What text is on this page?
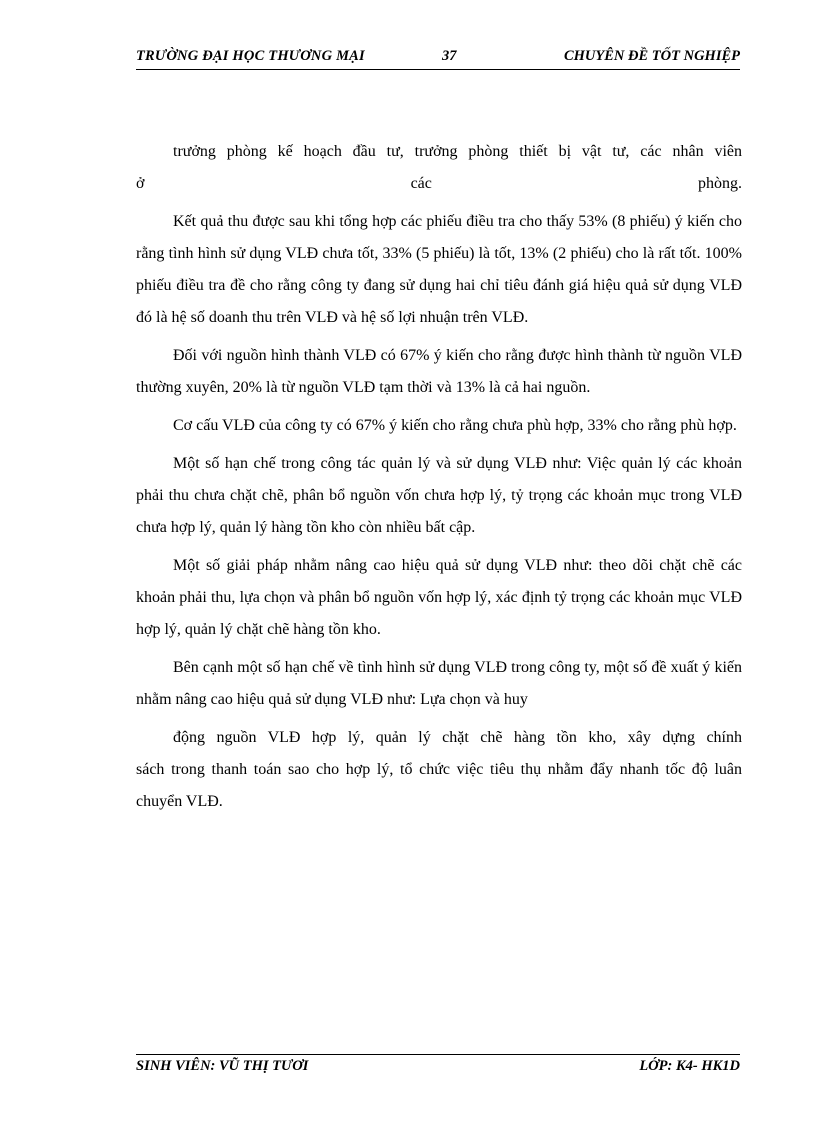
TRƯỜNG ĐẠI HỌC THƯƠNG MẠI	37	CHUYÊN ĐỀ TỐT NGHIỆP

trưởng phòng kế hoạch đầu tư, trưởng phòng thiết bị vật tư, các nhân viên

ở các phòng.

Kết quả thu được sau khi tổng hợp các phiếu điều tra cho thấy 53% (8 phiếu) ý kiến cho rằng tình hình sử dụng VLĐ chưa tốt, 33% (5 phiếu) là tốt, 13% (2 phiếu) cho là rất tốt. 100% phiếu điều tra đề cho rằng công ty đang sử dụng hai chỉ tiêu đánh giá hiệu quả sử dụng VLĐ đó là hệ số doanh thu trên VLĐ và hệ số lợi nhuận trên VLĐ.

Đối với nguồn hình thành VLĐ có 67% ý kiến cho rằng được hình thành từ nguồn VLĐ thường xuyên, 20% là từ nguồn VLĐ tạm thời và 13% là cả hai nguồn.

Cơ cấu VLĐ của công ty có 67% ý kiến cho rằng chưa phù hợp, 33% cho rằng phù hợp.

Một số hạn chế trong công tác quản lý và sử dụng VLĐ như: Việc quản lý các khoản phải thu chưa chặt chẽ, phân bổ nguồn vốn chưa hợp lý, tỷ trọng các khoản mục trong VLĐ chưa hợp lý, quản lý hàng tồn kho còn nhiều bất cập.

Một số giải pháp nhằm nâng cao hiệu quả sử dụng VLĐ như: theo dõi chặt chẽ các khoản phải thu, lựa chọn và phân bổ nguồn vốn hợp lý, xác định tỷ trọng các khoản mục VLĐ hợp lý, quản lý chặt chẽ hàng tồn kho.

Bên cạnh một số hạn chế về tình hình sử dụng VLĐ trong công ty, một số đề xuất ý kiến nhằm nâng cao hiệu quả sử dụng VLĐ như: Lựa chọn và huy

động nguồn VLĐ hợp lý, quản lý chặt chẽ hàng tồn kho, xây dựng chính

sách trong thanh toán sao cho hợp lý, tổ chức việc tiêu thụ nhằm đẩy nhanh tốc độ luân chuyển VLĐ.

SINH VIÊN: VŨ THỊ TƯƠI	LỚP: K4- HK1D
